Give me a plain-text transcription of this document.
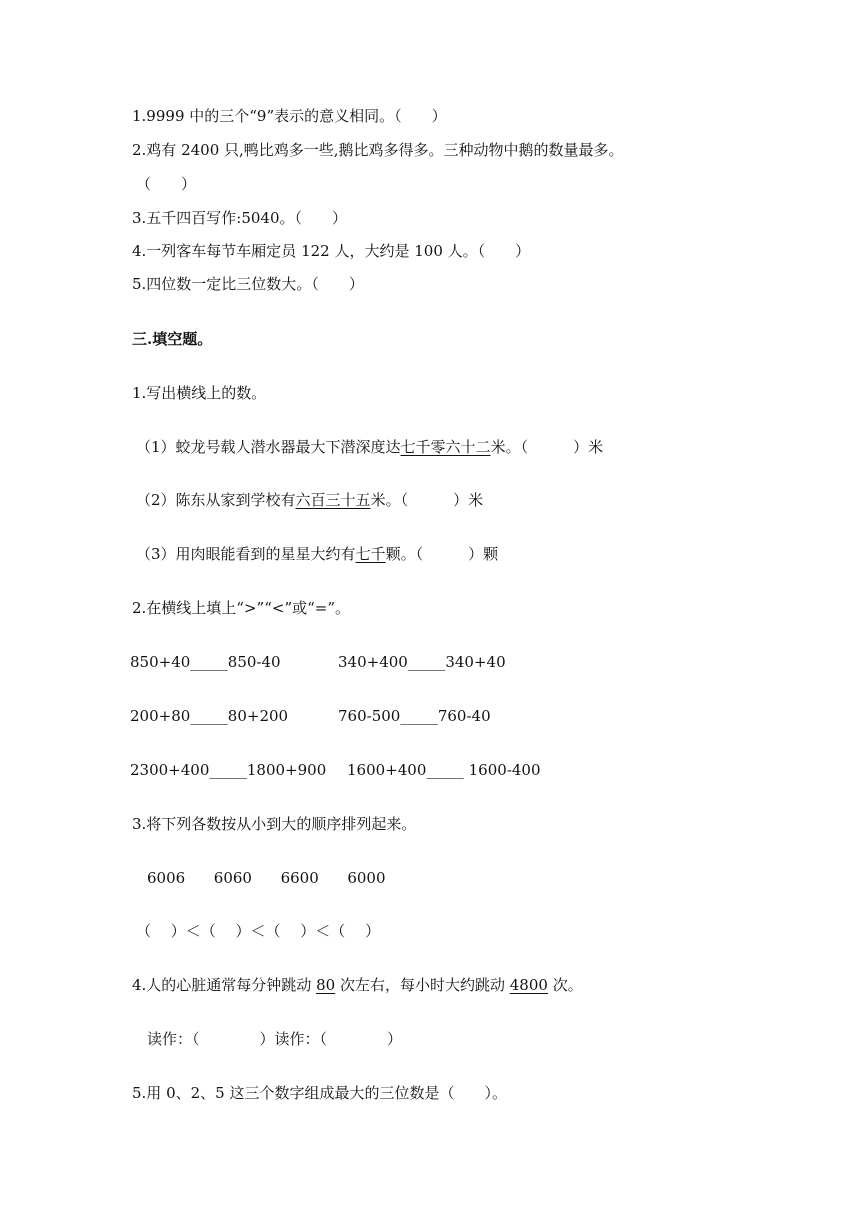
1.9999 中的三个“9”表示的意义相同。（　　）
2.鸡有 2400 只,鸭比鸡多一些,鹅比鸡多得多。三种动物中鹅的数量最多。
（　　）
3.五千四百写作:5040。（　　）
4.一列客车每节车厢定员 122 人，大约是 100 人。（　　）
5.四位数一定比三位数大。（　　）
三.填空题。
1.写出横线上的数。
（1）蛟龙号载人潜水器最大下潜深度达七千零六十二米。（　　　）米
（2）陈东从家到学校有六百三十五米。（　　　）米
（3）用肉眼能看到的星星大约有七千颗。（　　　）颗
2.在横线上填上“>”“<”或“=”。
850+40_____850-40	340+400_____340+40
200+80_____80+200	760-500_____760-40
2300+400_____1800+900 1600+400_____ 1600-400
3.将下列各数按从小到大的顺序排列起来。
6006      6060      6600      6000
（　 ）＜（　 ）＜（　 ）＜（　 ）
4.人的心脏通常每分钟跳动 80 次左右，每小时大约跳动 4800 次。
读作：（　　　　）读作：（　　　　）
5.用 0、2、5 这三个数字组成最大的三位数是（　　）。
